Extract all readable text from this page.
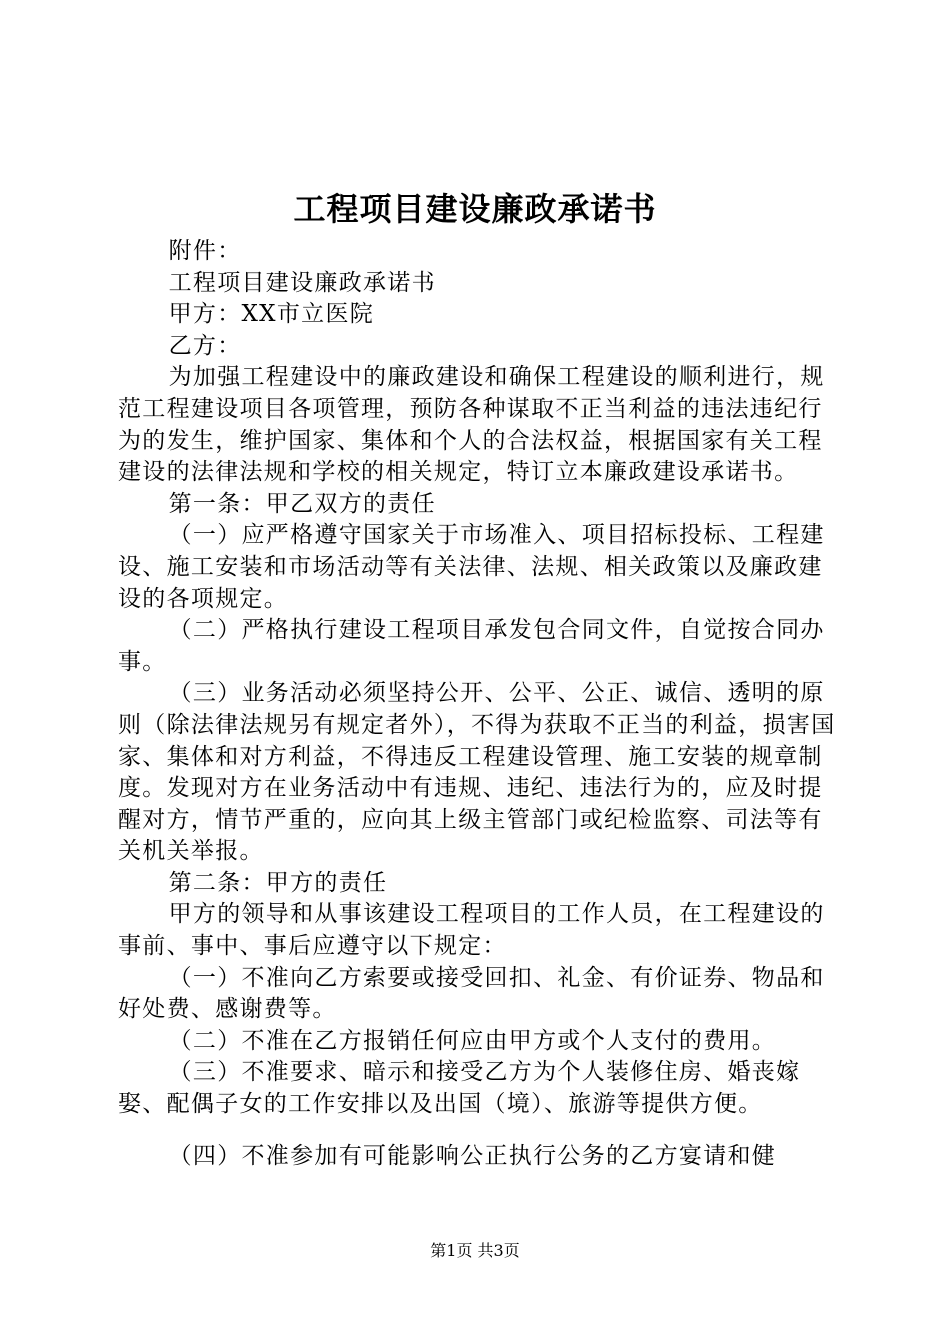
工程项目建设廉政承诺书

附件：

工程项目建设廉政承诺书

甲方：XX市立医院

乙方：

为加强工程建设中的廉政建设和确保工程建设的顺利进行，规范工程建设项目各项管理，预防各种谋取不正当利益的违法违纪行为的发生，维护国家、集体和个人的合法权益，根据国家有关工程建设的法律法规和学校的相关规定，特订立本廉政建设承诺书。

第一条：甲乙双方的责任

（一）应严格遵守国家关于市场准入、项目招标投标、工程建设、施工安装和市场活动等有关法律、法规、相关政策以及廉政建设的各项规定。

（二）严格执行建设工程项目承发包合同文件，自觉按合同办事。

（三）业务活动必须坚持公开、公平、公正、诚信、透明的原则（除法律法规另有规定者外），不得为获取不正当的利益，损害国家、集体和对方利益，不得违反工程建设管理、施工安装的规章制度。发现对方在业务活动中有违规、违纪、违法行为的，应及时提醒对方，情节严重的，应向其上级主管部门或纪检监察、司法等有关机关举报。

第二条：甲方的责任

甲方的领导和从事该建设工程项目的工作人员，在工程建设的事前、事中、事后应遵守以下规定：

（一）不准向乙方索要或接受回扣、礼金、有价证券、物品和好处费、感谢费等。

（二）不准在乙方报销任何应由甲方或个人支付的费用。

（三）不准要求、暗示和接受乙方为个人装修住房、婚丧嫁娶、配偶子女的工作安排以及出国（境）、旅游等提供方便。

（四）不准参加有可能影响公正执行公务的乙方宴请和健

第1页 共3页
